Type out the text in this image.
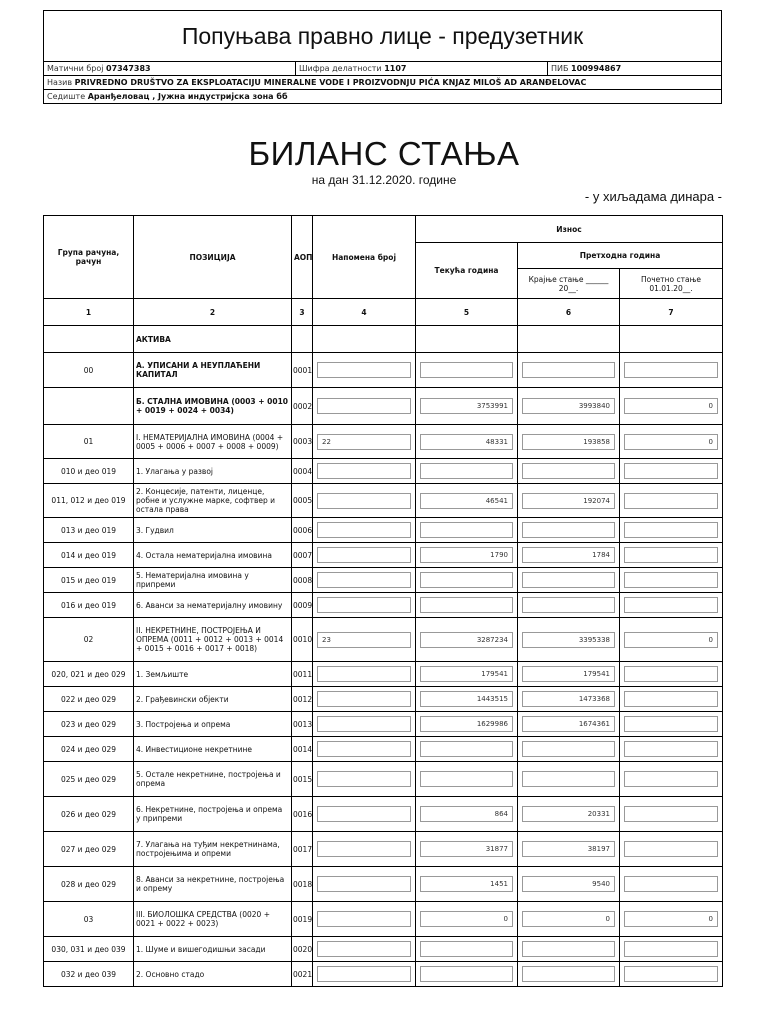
Попуњава правно лице - предузетник
Матични број 07347383	Шифра делатности 1107	ПИБ 100994867
Назив PRIVREDNO DRUŠTVO ZA EKSPLOATACIJU MINERALNE VODE I PROIZVODNJU PIĆA KNJAZ MILOŠ AD ARANĐELOVAC
Седиште Аранђеловац , Јужна индустријска зона бб
БИЛАНС СТАЊА
на дан 31.12.2020. године
- у хиљадама динара -
Група рачуна, рачун	ПОЗИЦИЈА	АОП	Напомена број	Износ		
				Текућа година	Претходна година	
					Крајње стање ______ 20__.	Почетно стање 01.01.20__.
1	2	3	4	5	6	7
	АКТИВА					
00	А. УПИСАНИ А НЕУПЛАЋЕНИ КАПИТАЛ	0001	

	Б. СТАЛНА ИМОВИНА (0003 + 0010 + 0019 + 0024 + 0034)	0002		3753991	3993840	0

01	I. НЕМАТЕРИЈАЛНА ИМОВИНА (0004 + 0005 + 0006 + 0007 + 0008 + 0009)	0003	22	48331	193858	0

010 и део 019	1. Улагања у развој	0004	

011, 012 и део 019	2. Концесије, патенти, лиценце, робне и услужне марке, софтвер и остала права	0005		46541	192074	

013 и део 019	3. Гудвил	0006	

014 и део 019	4. Остала нематеријална имовина	0007		1790	1784	

015 и део 019	5. Нематеријална имовина у припреми	0008	

016 и део 019	6. Аванси за нематеријалну имовину	0009	

02	II. НЕКРЕТНИНЕ, ПОСТРОЈЕЊА И ОПРЕМА (0011 + 0012 + 0013 + 0014 + 0015 + 0016 + 0017 + 0018)	0010	23	3287234	3395338	0

020, 021 и део 029	1. Земљиште	0011		179541	179541	

022 и део 029	2. Грађевински објекти	0012		1443515	1473368	

023 и део 029	3. Постројења и опрема	0013		1629986	1674361	

024 и део 029	4. Инвестиционе некретнине	0014	

025 и део 029	5. Остале некретнине, постројења и опрема	0015	

026 и део 029	6. Некретнине, постројења и опрема у припреми	0016		864	20331	

027 и део 029	7. Улагања на туђим некретнинама, постројењима и опреми	0017		31877	38197	

028 и део 029	8. Аванси за некретнине, постројења и опрему	0018		1451	9540	

03	III. БИОЛОШКА СРЕДСТВА (0020 + 0021 + 0022 + 0023)	0019		0	0	0

030, 031 и део 039	1. Шуме и вишегодишњи засади	0020	

032 и део 039	2. Основно стадо	0021	
